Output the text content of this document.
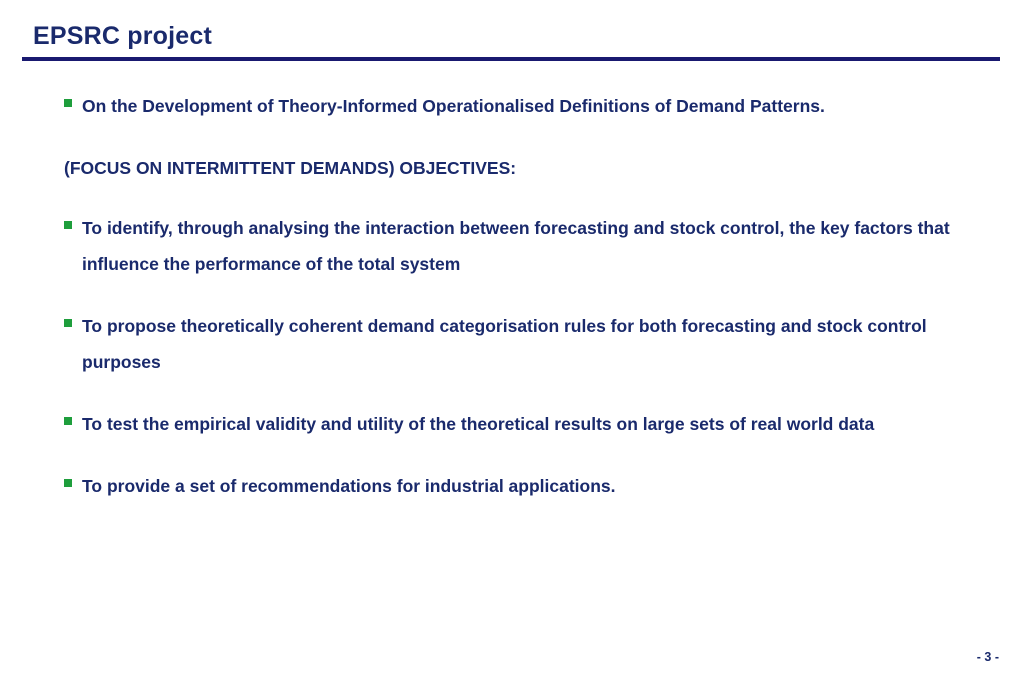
EPSRC project
On the Development of Theory-Informed Operationalised Definitions of Demand Patterns.
(FOCUS ON INTERMITTENT DEMANDS) OBJECTIVES:
To identify, through analysing the interaction between forecasting and stock control, the key factors that influence the performance of the total system
To propose theoretically coherent demand categorisation rules for both forecasting and stock control purposes
To test the empirical validity and utility of the theoretical results on large sets of real world data
To provide a set of recommendations for industrial applications.
- 3 -
